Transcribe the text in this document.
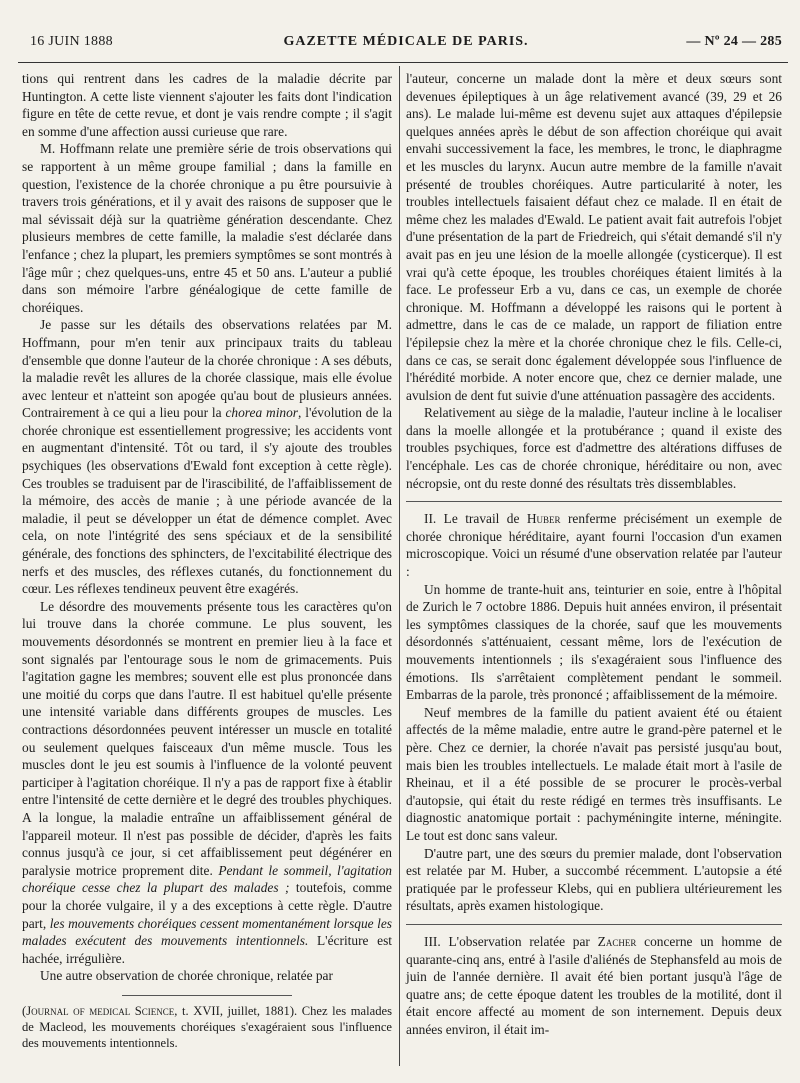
16 JUIN 1888	GAZETTE MÉDICALE DE PARIS.	— Nº 24 — 285

tions qui rentrent dans les cadres de la maladie décrite par Huntington. A cette liste viennent s'ajouter les faits dont l'indication figure en tête de cette revue, et dont je vais rendre compte ; il s'agit en somme d'une affection aussi curieuse que rare.

M. Hoffmann relate une première série de trois observations qui se rapportent à un même groupe familial ; dans la famille en question, l'existence de la chorée chronique a pu être poursuivie à travers trois générations, et il y avait des raisons de supposer que le mal sévissait déjà sur la quatrième génération descendante. Chez plusieurs membres de cette famille, la maladie s'est déclarée dans l'enfance ; chez la plupart, les premiers symptômes se sont montrés à l'âge mûr ; chez quelques-uns, entre 45 et 50 ans. L'auteur a publié dans son mémoire l'arbre généalogique de cette famille de choréiques.

Je passe sur les détails des observations relatées par M. Hoffmann, pour m'en tenir aux principaux traits du tableau d'ensemble que donne l'auteur de la chorée chronique : A ses débuts, la maladie revêt les allures de la chorée classique, mais elle évolue avec lenteur et n'atteint son apogée qu'au bout de plusieurs années. Contrairement à ce qui a lieu pour la chorea minor, l'évolution de la chorée chronique est essentiellement progressive; les accidents vont en augmentant d'intensité. Tôt ou tard, il s'y ajoute des troubles psychiques (les observations d'Ewald font exception à cette règle). Ces troubles se traduisent par de l'irascibilité, de l'affaiblissement de la mémoire, des accès de manie ; à une période avancée de la maladie, il peut se développer un état de démence complet. Avec cela, on note l'intégrité des sens spéciaux et de la sensibilité générale, des fonctions des sphincters, de l'excitabilité électrique des nerfs et des muscles, des réflexes cutanés, du fonctionnement du cœur. Les réflexes tendineux peuvent être exagérés.

Le désordre des mouvements présente tous les caractères qu'on lui trouve dans la chorée commune. Le plus souvent, les mouvements désordonnés se montrent en premier lieu à la face et sont signalés par l'entourage sous le nom de grimacements. Puis l'agitation gagne les membres; souvent elle est plus prononcée dans une moitié du corps que dans l'autre. Il est habituel qu'elle présente une intensité variable dans différents groupes de muscles. Les contractions désordonnées peuvent intéresser un muscle en totalité ou seulement quelques faisceaux d'un même muscle. Tous les muscles dont le jeu est soumis à l'influence de la volonté peuvent participer à l'agitation choréique. Il n'y a pas de rapport fixe à établir entre l'intensité de cette dernière et le degré des troubles phychiques. A la longue, la maladie entraîne un affaiblissement général de l'appareil moteur. Il n'est pas possible de décider, d'après les faits connus jusqu'à ce jour, si cet affaiblissement peut dégénérer en paralysie motrice proprement dite. Pendant le sommeil, l'agitation choréique cesse chez la plupart des malades ; toutefois, comme pour la chorée vulgaire, il y a des exceptions à cette règle. D'autre part, les mouvements choréiques cessent momentanément lorsque les malades exécutent des mouvements intentionnels. L'écriture est hachée, irrégulière.

Une autre observation de chorée chronique, relatée par

(Journal of medical Science, t. XVII, juillet, 1881). Chez les malades de Macleod, les mouvements choréiques s'exagéraient sous l'influence des mouvements intentionnels.

l'auteur, concerne un malade dont la mère et deux sœurs sont devenues épileptiques à un âge relativement avancé (39, 29 et 26 ans). Le malade lui-même est devenu sujet aux attaques d'épilepsie quelques années après le début de son affection choréique qui avait envahi successivement la face, les membres, le tronc, le diaphragme et les muscles du larynx. Aucun autre membre de la famille n'avait présenté de troubles choréiques. Autre particularité à noter, les troubles intellectuels faisaient défaut chez ce malade. Il en était de même chez les malades d'Ewald. Le patient avait fait autrefois l'objet d'une présentation de la part de Friedreich, qui s'était demandé s'il n'y avait pas en jeu une lésion de la moelle allongée (cysticerque). Il est vrai qu'à cette époque, les troubles choréiques étaient limités à la face. Le professeur Erb a vu, dans ce cas, un exemple de chorée chronique. M. Hoffmann a développé les raisons qui le portent à admettre, dans le cas de ce malade, un rapport de filiation entre l'épilepsie chez la mère et la chorée chronique chez le fils. Celle-ci, dans ce cas, se serait donc également développée sous l'influence de l'hérédité morbide. A noter encore que, chez ce dernier malade, une avulsion de dent fut suivie d'une atténuation passagère des accidents.

Relativement au siège de la maladie, l'auteur incline à le localiser dans la moelle allongée et la protubérance ; quand il existe des troubles psychiques, force est d'admettre des altérations diffuses de l'encéphale. Les cas de chorée chronique, héréditaire ou non, avec nécropsie, ont du reste donné des résultats très dissemblables.

II. Le travail de Huber renferme précisément un exemple de chorée chronique héréditaire, ayant fourni l'occasion d'un examen microscopique. Voici un résumé d'une observation relatée par l'auteur :

Un homme de trante-huit ans, teinturier en soie, entre à l'hôpital de Zurich le 7 octobre 1886. Depuis huit années environ, il présentait les symptômes classiques de la chorée, sauf que les mouvements désordonnés s'atténuaient, cessant même, lors de l'exécution de mouvements intentionnels ; ils s'exagéraient sous l'influence des émotions. Ils s'arrêtaient complètement pendant le sommeil. Embarras de la parole, très prononcé ; affaiblissement de la mémoire.

Neuf membres de la famille du patient avaient été ou étaient affectés de la même maladie, entre autre le grand-père paternel et le père. Chez ce dernier, la chorée n'avait pas persisté jusqu'au bout, mais bien les troubles intellectuels. Le malade était mort à l'asile de Rheinau, et il a été possible de se procurer le procès-verbal d'autopsie, qui était du reste rédigé en termes très insuffisants. Le diagnostic anatomique portait : pachyméningite interne, méningite. Le tout est donc sans valeur.

D'autre part, une des sœurs du premier malade, dont l'observation est relatée par M. Huber, a succombé récemment. L'autopsie a été pratiquée par le professeur Klebs, qui en publiera ultérieurement les résultats, après examen histologique.

III. L'observation relatée par Zacher concerne un homme de quarante-cinq ans, entré à l'asile d'aliénés de Stephansfeld au mois de juin de l'année dernière. Il avait été bien portant jusqu'à l'âge de quatre ans; de cette époque datent les troubles de la motilité, dont il était encore affecté au moment de son internement. Depuis deux années environ, il était im-
